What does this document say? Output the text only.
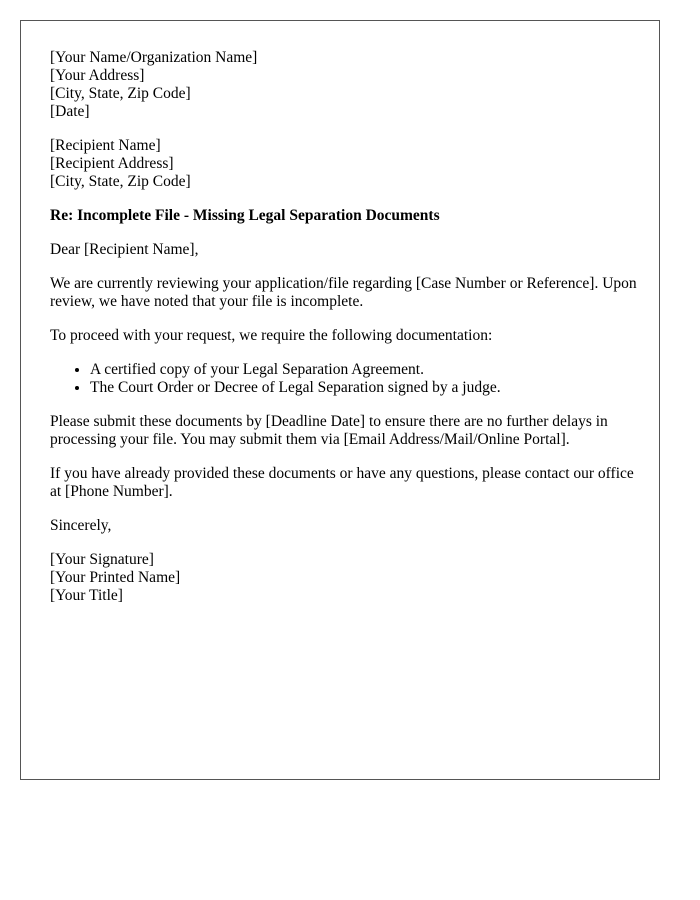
[Your Name/Organization Name]
[Your Address]
[City, State, Zip Code]
[Date]
[Recipient Name]
[Recipient Address]
[City, State, Zip Code]

Re: Incomplete File - Missing Legal Separation Documents

Dear [Recipient Name],

We are currently reviewing your application/file regarding [Case Number or Reference]. Upon review, we have noted that your file is incomplete.

To proceed with your request, we require the following documentation:

• A certified copy of your Legal Separation Agreement.
• The Court Order or Decree of Legal Separation signed by a judge.

Please submit these documents by [Deadline Date] to ensure there are no further delays in processing your file. You may submit them via [Email Address/Mail/Online Portal].

If you have already provided these documents or have any questions, please contact our office at [Phone Number].

Sincerely,

[Your Signature]
[Your Printed Name]
[Your Title]
